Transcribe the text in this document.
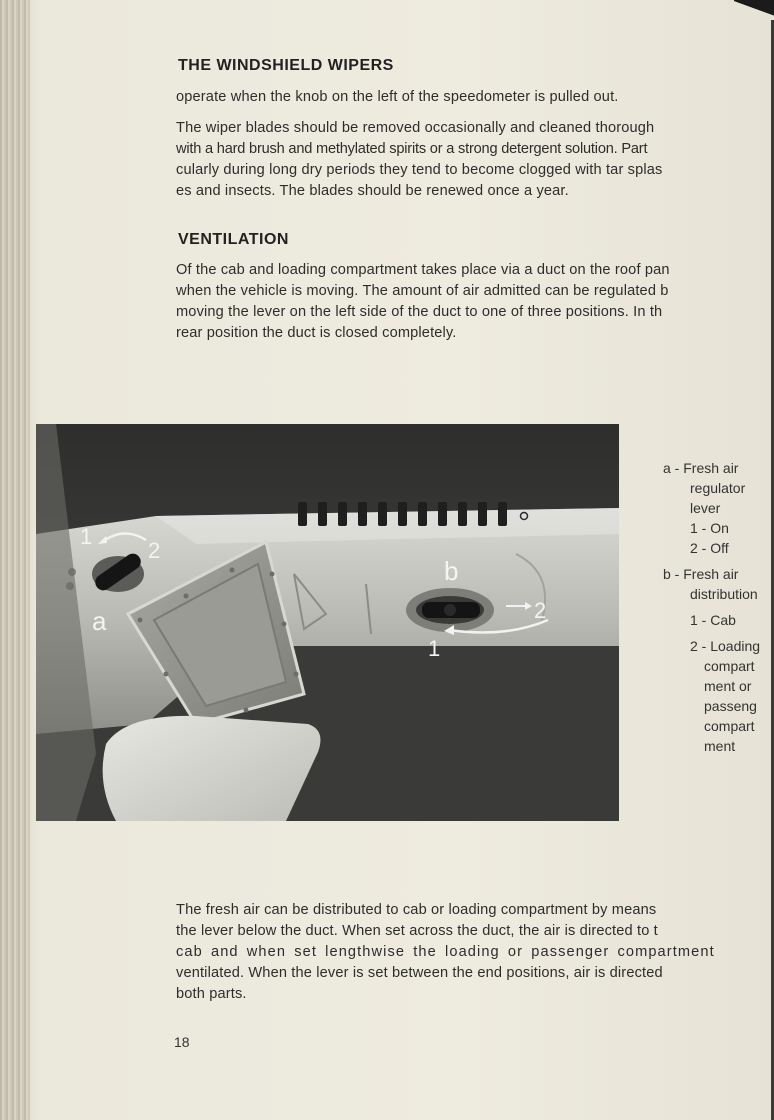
THE WINDSHIELD WIPERS

operate when the knob on the left of the speedometer is pulled out.

The wiper blades should be removed occasionally and cleaned thorough

with a hard brush and methylated spirits or a strong detergent solution. Part

cularly during long dry periods they tend to become clogged with tar splas

es and insects. The blades should be renewed once a year.

VENTILATION

Of the cab and loading compartment takes place via a duct on the roof pan

when the vehicle is moving. The amount of air admitted can be regulated b

moving the lever on the left side of the duct to one of three positions. In th

rear position the duct is closed completely.

1
2
a
b
1
2
a - Fresh air
regulator
lever
1 - On
2 - Off
b - Fresh air
distribution
1 - Cab
2 - Loading
compart
ment or
passeng
compart
ment

The fresh air can be distributed to cab or loading compartment by means

the lever below the duct. When set across the duct, the air is directed to t

cab and when set lengthwise the loading or passenger compartment

ventilated. When the lever is set between the end positions, air is directed

both parts.

18
